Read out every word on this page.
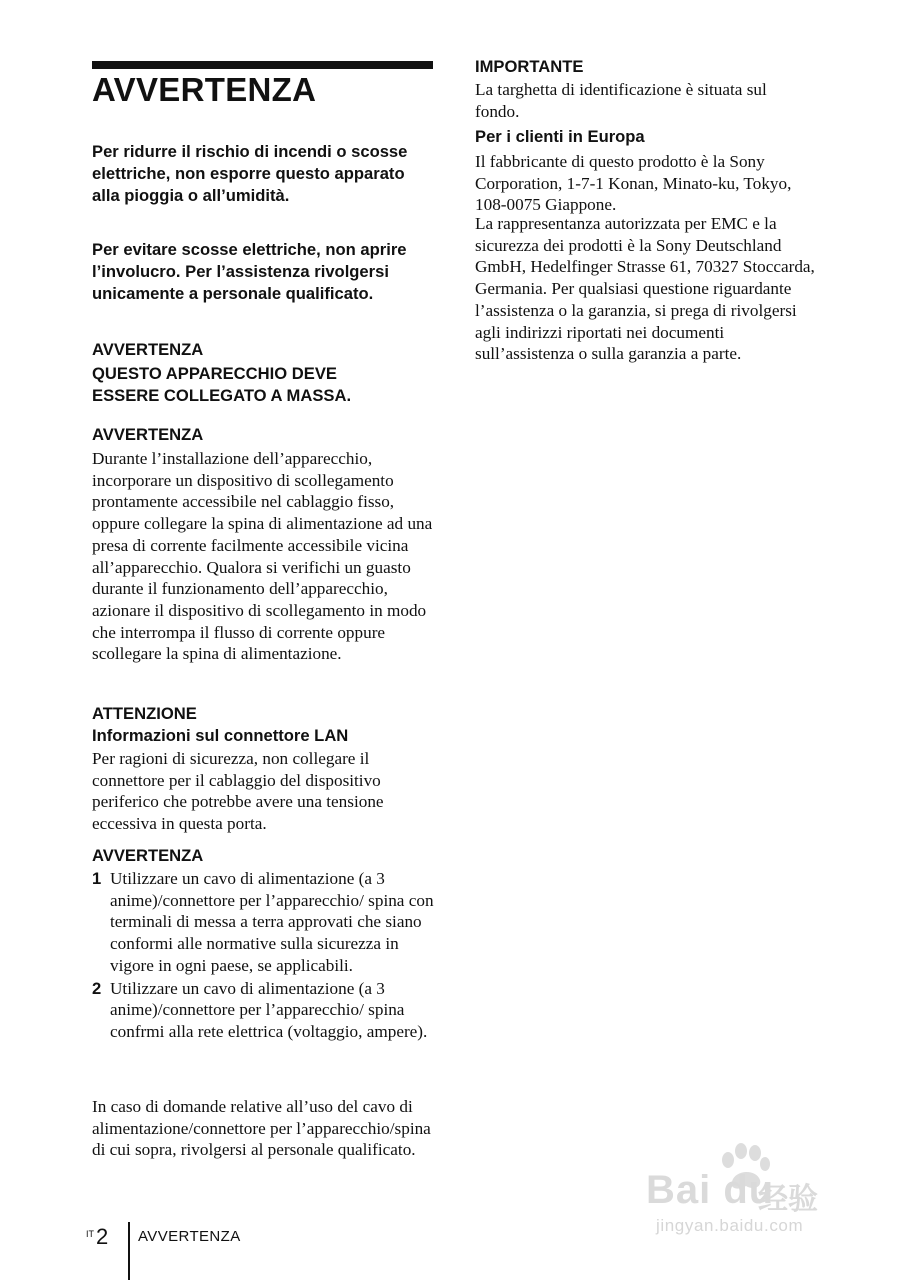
AVVERTENZA

Per ridurre il rischio di incendi o scosse elettriche, non esporre questo apparato alla pioggia o all’umidità.

Per evitare scosse elettriche, non aprire l’involucro. Per l’assistenza rivolgersi unicamente a personale qualificato.

AVVERTENZA

QUESTO APPARECCHIO DEVE

ESSERE COLLEGATO A MASSA.

AVVERTENZA

Durante l’installazione dell’apparecchio, incorporare un dispositivo di scollegamento prontamente accessibile nel cablaggio fisso, oppure collegare la spina di alimentazione ad una presa di corrente facilmente accessibile vicina all’apparecchio. Qualora si verifichi un guasto durante il funzionamento dell’apparecchio, azionare il dispositivo di scollegamento in modo che interrompa il flusso di corrente oppure scollegare la spina di alimentazione.

ATTENZIONE

Informazioni sul connettore LAN

Per ragioni di sicurezza, non collegare il connettore per il cablaggio del dispositivo periferico che potrebbe avere una tensione eccessiva in questa porta.

AVVERTENZA

1 Utilizzare un cavo di alimentazione (a 3 anime)/connettore per l’apparecchio/ spina con terminali di messa a terra approvati che siano conformi alle normative sulla sicurezza in vigore in ogni paese, se applicabili.
2 Utilizzare un cavo di alimentazione (a 3 anime)/connettore per l’apparecchio/ spina confrmi alla rete elettrica (voltaggio, ampere).

In caso di domande relative all’uso del cavo di alimentazione/connettore per l’apparecchio/spina di cui sopra, rivolgersi al personale qualificato.

IMPORTANTE

La targhetta di identificazione è situata sul fondo.

Per i clienti in Europa

Il fabbricante di questo prodotto è la Sony Corporation, 1-7-1 Konan, Minato-ku, Tokyo, 108-0075 Giappone.

La rappresentanza autorizzata per EMC e la sicurezza dei prodotti è la Sony Deutschland GmbH, Hedelfinger Strasse 61, 70327 Stoccarda, Germania. Per qualsiasi questione riguardante l’assistenza o la garanzia, si prega di rivolgersi agli indirizzi riportati nei documenti sull’assistenza o sulla garanzia a parte.

IT 2 AVVERTENZA
Bai du
经验
jingyan.baidu.com
